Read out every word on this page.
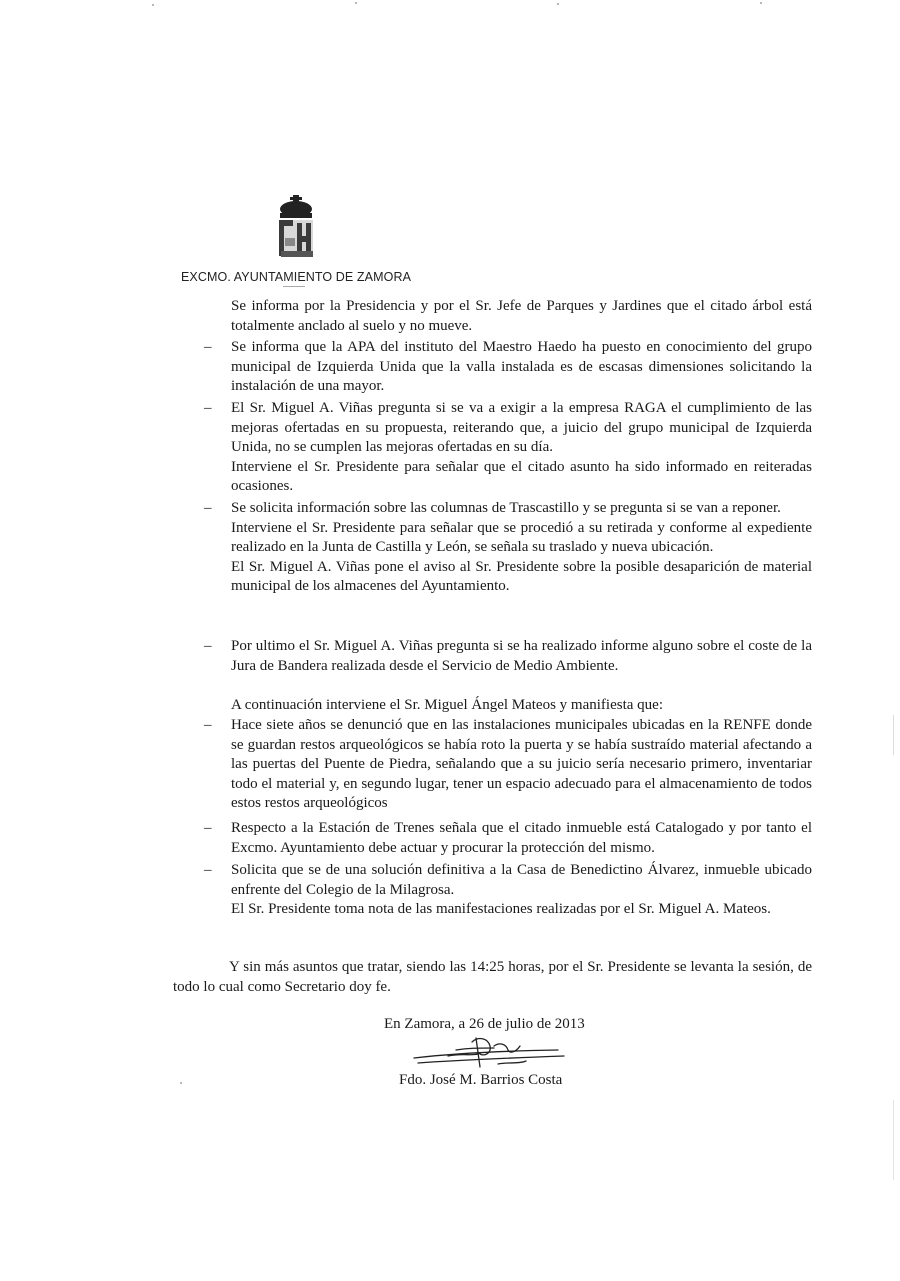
EXCMO. AYUNTAMIENTO DE ZAMORA

Se informa por la Presidencia y por el Sr. Jefe de Parques y Jardines que el citado árbol está totalmente anclado al suelo y no mueve.

– Se informa que la APA del instituto del Maestro Haedo ha puesto en conocimiento del grupo municipal de Izquierda Unida que la valla instalada es de escasas dimensiones solicitando la instalación de una mayor.

– El Sr. Miguel A. Viñas pregunta si se va a exigir a la empresa RAGA el cumplimiento de las mejoras ofertadas en su propuesta, reiterando que, a juicio del grupo municipal de Izquierda Unida, no se cumplen las mejoras ofertadas en su día.

Interviene el Sr. Presidente para señalar que el citado asunto ha sido informado en reiteradas ocasiones.

– Se solicita información sobre las columnas de Trascastillo y se pregunta si se van a reponer.

Interviene el Sr. Presidente para señalar que se procedió a su retirada y conforme al expediente realizado en la Junta de Castilla y León, se señala su traslado y nueva ubicación.

El Sr. Miguel A. Viñas pone el aviso al Sr. Presidente sobre la posible desaparición de material municipal de los almacenes del Ayuntamiento.

– Por ultimo el Sr. Miguel A. Viñas pregunta si se ha realizado informe alguno sobre el coste de la Jura de Bandera realizada desde el Servicio de Medio Ambiente.

A continuación interviene el Sr. Miguel Ángel Mateos y manifiesta que:
– Hace siete años se denunció que en las instalaciones municipales ubicadas en la RENFE donde se guardan restos arqueológicos se había roto la puerta y se había sustraído material afectando a las puertas del Puente de Piedra, señalando que a su juicio sería necesario primero, inventariar todo el material y, en segundo lugar, tener un espacio adecuado para el almacenamiento de todos estos restos arqueológicos

– Respecto a la Estación de Trenes señala que el citado inmueble está Catalogado y por tanto el Excmo. Ayuntamiento debe actuar y procurar la protección del mismo.

– Solicita que se de una solución definitiva a la Casa de Benedictino Álvarez, inmueble ubicado enfrente del Colegio de la Milagrosa.

El Sr. Presidente toma nota de las manifestaciones realizadas por el Sr. Miguel A. Mateos.

Y sin más asuntos que tratar, siendo las 14:25 horas, por el Sr. Presidente se levanta la sesión, de todo lo cual como Secretario doy fe.
En Zamora, a 26 de julio de 2013
Fdo. José M. Barrios Costa
